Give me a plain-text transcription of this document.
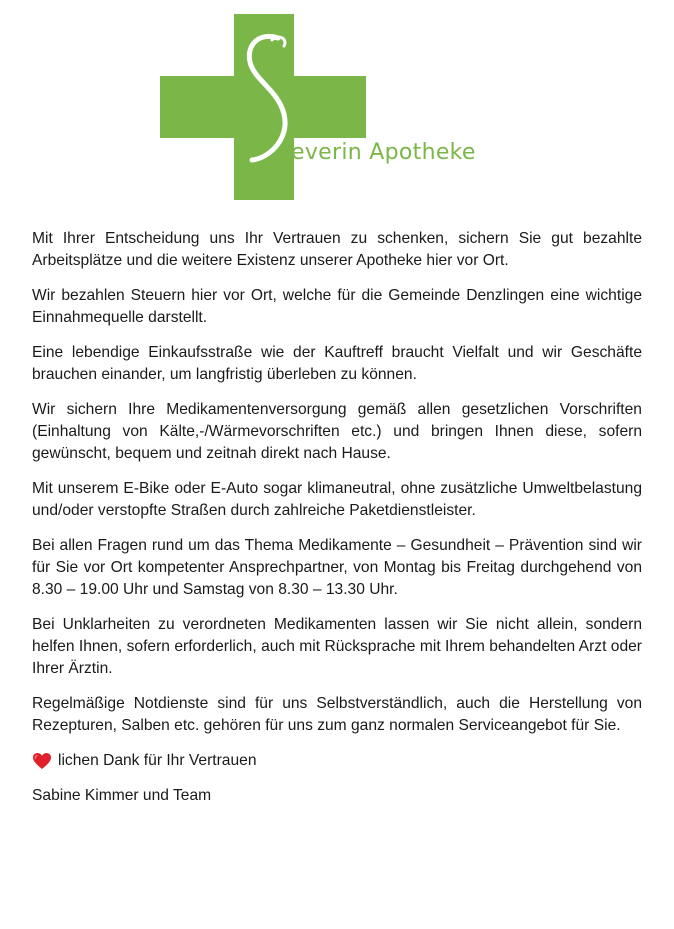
everin Apotheke

Mit Ihrer Entscheidung uns Ihr Vertrauen zu schenken, sichern Sie gut bezahlte Arbeitsplätze und die weitere Existenz unserer Apotheke hier vor Ort.

Wir bezahlen Steuern hier vor Ort, welche für die Gemeinde Denzlingen eine wichtige Einnahmequelle darstellt.

Eine lebendige Einkaufsstraße wie der Kauftreff braucht Vielfalt und wir Geschäfte brauchen einander, um langfristig überleben zu können.

Wir sichern Ihre Medikamentenversorgung gemäß allen gesetzlichen Vorschriften (Einhaltung von Kälte,-/Wärmevorschriften etc.) und bringen Ihnen diese, sofern gewünscht, bequem und zeitnah direkt nach Hause.

Mit unserem E-Bike oder E-Auto sogar klimaneutral, ohne zusätzliche Umweltbelastung und/oder verstopfte Straßen durch zahlreiche Paketdienstleister.

Bei allen Fragen rund um das Thema Medikamente – Gesundheit – Prävention sind wir für Sie vor Ort kompetenter Ansprechpartner, von Montag bis Freitag durchgehend von 8.30 – 19.00 Uhr und Samstag von 8.30 – 13.30 Uhr.

Bei Unklarheiten zu verordneten Medikamenten lassen wir Sie nicht allein, sondern helfen Ihnen, sofern erforderlich, auch mit Rücksprache mit Ihrem behandelten Arzt oder Ihrer Ärztin.

Regelmäßige Notdienste sind für uns Selbstverständlich, auch die Herstellung von Rezepturen, Salben etc. gehören für uns zum ganz normalen Serviceangebot für Sie.

lichen Dank für Ihr Vertrauen

Sabine Kimmer und Team
